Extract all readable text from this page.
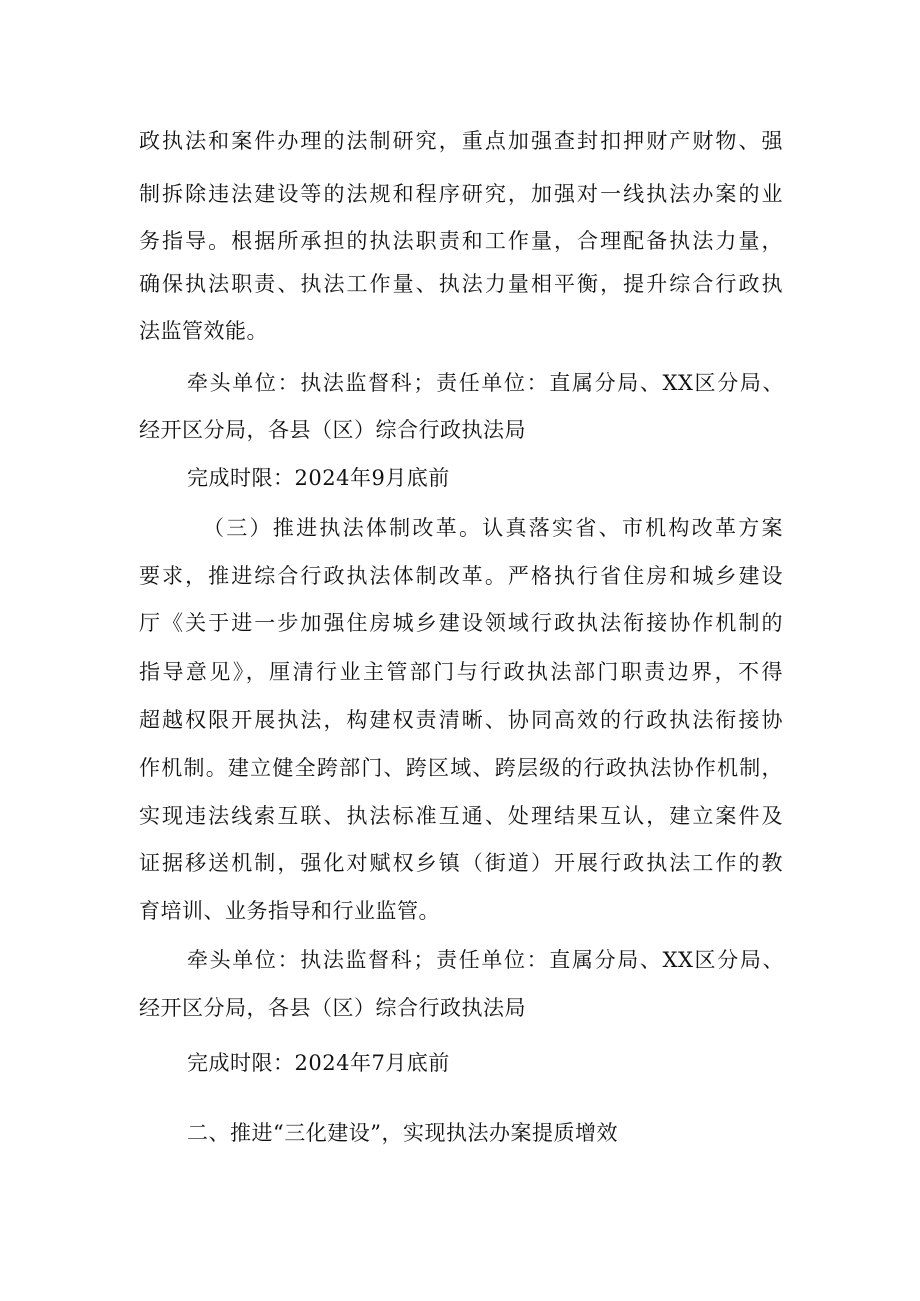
政执法和案件办理的法制研究，重点加强查封扣押财产财物、强
制拆除违法建设等的法规和程序研究，加强对一线执法办案的业
务指导。根据所承担的执法职责和工作量，合理配备执法力量，
确保执法职责、执法工作量、执法力量相平衡，提升综合行政执
法监管效能。
牵头单位：执法监督科；责任单位：直属分局、XX区分局、
经开区分局，各县（区）综合行政执法局
完成时限：2024年9月底前
（三）推进执法体制改革。认真落实省、市机构改革方案
要求，推进综合行政执法体制改革。严格执行省住房和城乡建设
厅《关于进一步加强住房城乡建设领域行政执法衔接协作机制的
指导意见》，厘清行业主管部门与行政执法部门职责边界，不得
超越权限开展执法，构建权责清晰、协同高效的行政执法衔接协
作机制。建立健全跨部门、跨区域、跨层级的行政执法协作机制，
实现违法线索互联、执法标准互通、处理结果互认，建立案件及
证据移送机制，强化对赋权乡镇（街道）开展行政执法工作的教
育培训、业务指导和行业监管。
牵头单位：执法监督科；责任单位：直属分局、XX区分局、
经开区分局，各县（区）综合行政执法局
完成时限：2024年7月底前
二、推进“三化建设”，实现执法办案提质增效
